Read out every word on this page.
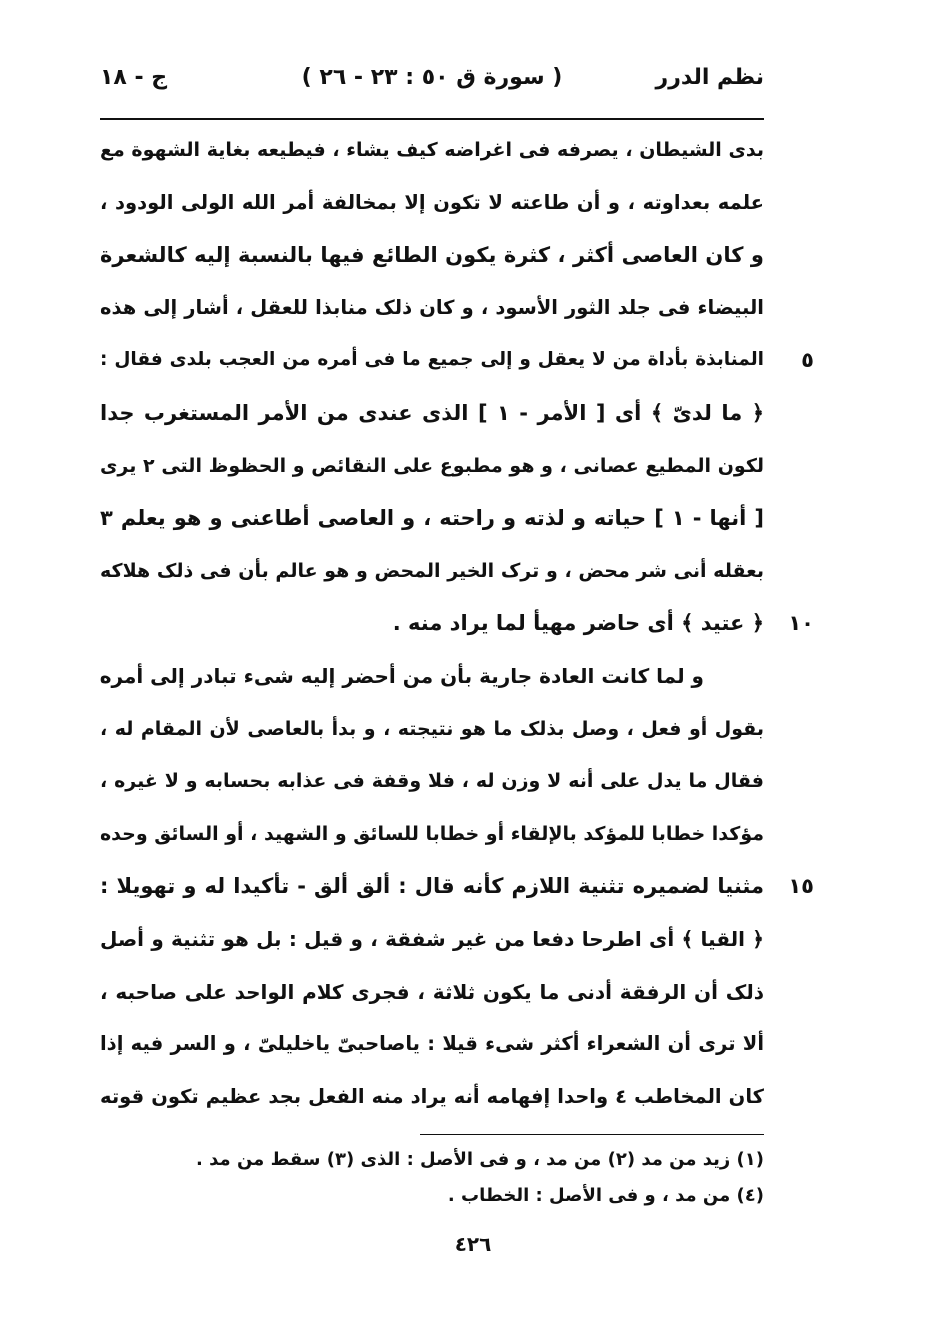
نظم الدرر
( سورة ق ٥٠ : ٢٣ - ٢٦ )
ج - ١٨
بدی الشیطان ، یصرفه فی اغراضه کیف یشاء ، فیطیعه بغایة الشهوة مع
علمه بعداوته ، و أن طاعته لا تکون إلا بمخالفة أمر الله الولی الودود ،
و کان العاصی أکثر ، کثرة یکون الطائع فیها بالنسبة إلیه کالشعرة
البیضاء فی جلد الثور الأسود ، و کان ذلک منابذا للعقل ، أشار إلی هذه
٥
المنابذة بأداة من لا یعقل و إلی جمیع ما فی أمره من العجب بلدی فقال :
﴿ ما لدیّ ﴾ أی [ الأمر - ١ ] الذی عندی من الأمر المستغرب جدا
لکون المطیع عصانی ، و هو مطبوع علی النقائص و الحظوظ التی ٢ یری
[ أنها - ١ ] حیاته و لذته و راحته ، و العاصی أطاعنی و هو یعلم ٣
بعقله أنی شر محض ، و ترک الخیر المحض و هو عالم بأن فی ذلک هلاکه
١٠
﴿ عتید ﴾ أی حاضر مهیأ لما یراد منه .
و لما کانت العادة جاریة بأن من أحضر إلیه شیء تبادر إلی أمره
بقول أو فعل ، وصل بذلک ما هو نتیجته ، و بدأ بالعاصی لأن المقام له ،
فقال ما یدل علی أنه لا وزن له ، فلا وقفة فی عذابه بحسابه و لا غیره ،
مؤکدا خطابا للمؤکد بالإلقاء أو خطابا للسائق و الشهید ، أو السائق وحده
١٥
مثنیا لضمیره تثنیة اللازم کأنه قال : ألق ألق - تأکیدا له و تهویلا :
﴿ القیا ﴾ أی اطرحا دفعا من غیر شفقة ، و قیل : بل هو تثنیة و أصل
ذلک أن الرفقة أدنی ما یکون ثلاثة ، فجری کلام الواحد علی صاحبه ،
ألا تری أن الشعراء أکثر شیء قیلا : یاصاحبیّ یاخلیلیّ ، و السر فیه إذا
کان المخاطب ٤ واحدا إفهامه أنه یراد منه الفعل بجد عظیم تکون قوته
(١) زید من مد (٢) من مد ، و فی الأصل : الذی (٣) سقط من مد .
(٤) من مد ، و فی الأصل : الخطاب .
٤٢٦
